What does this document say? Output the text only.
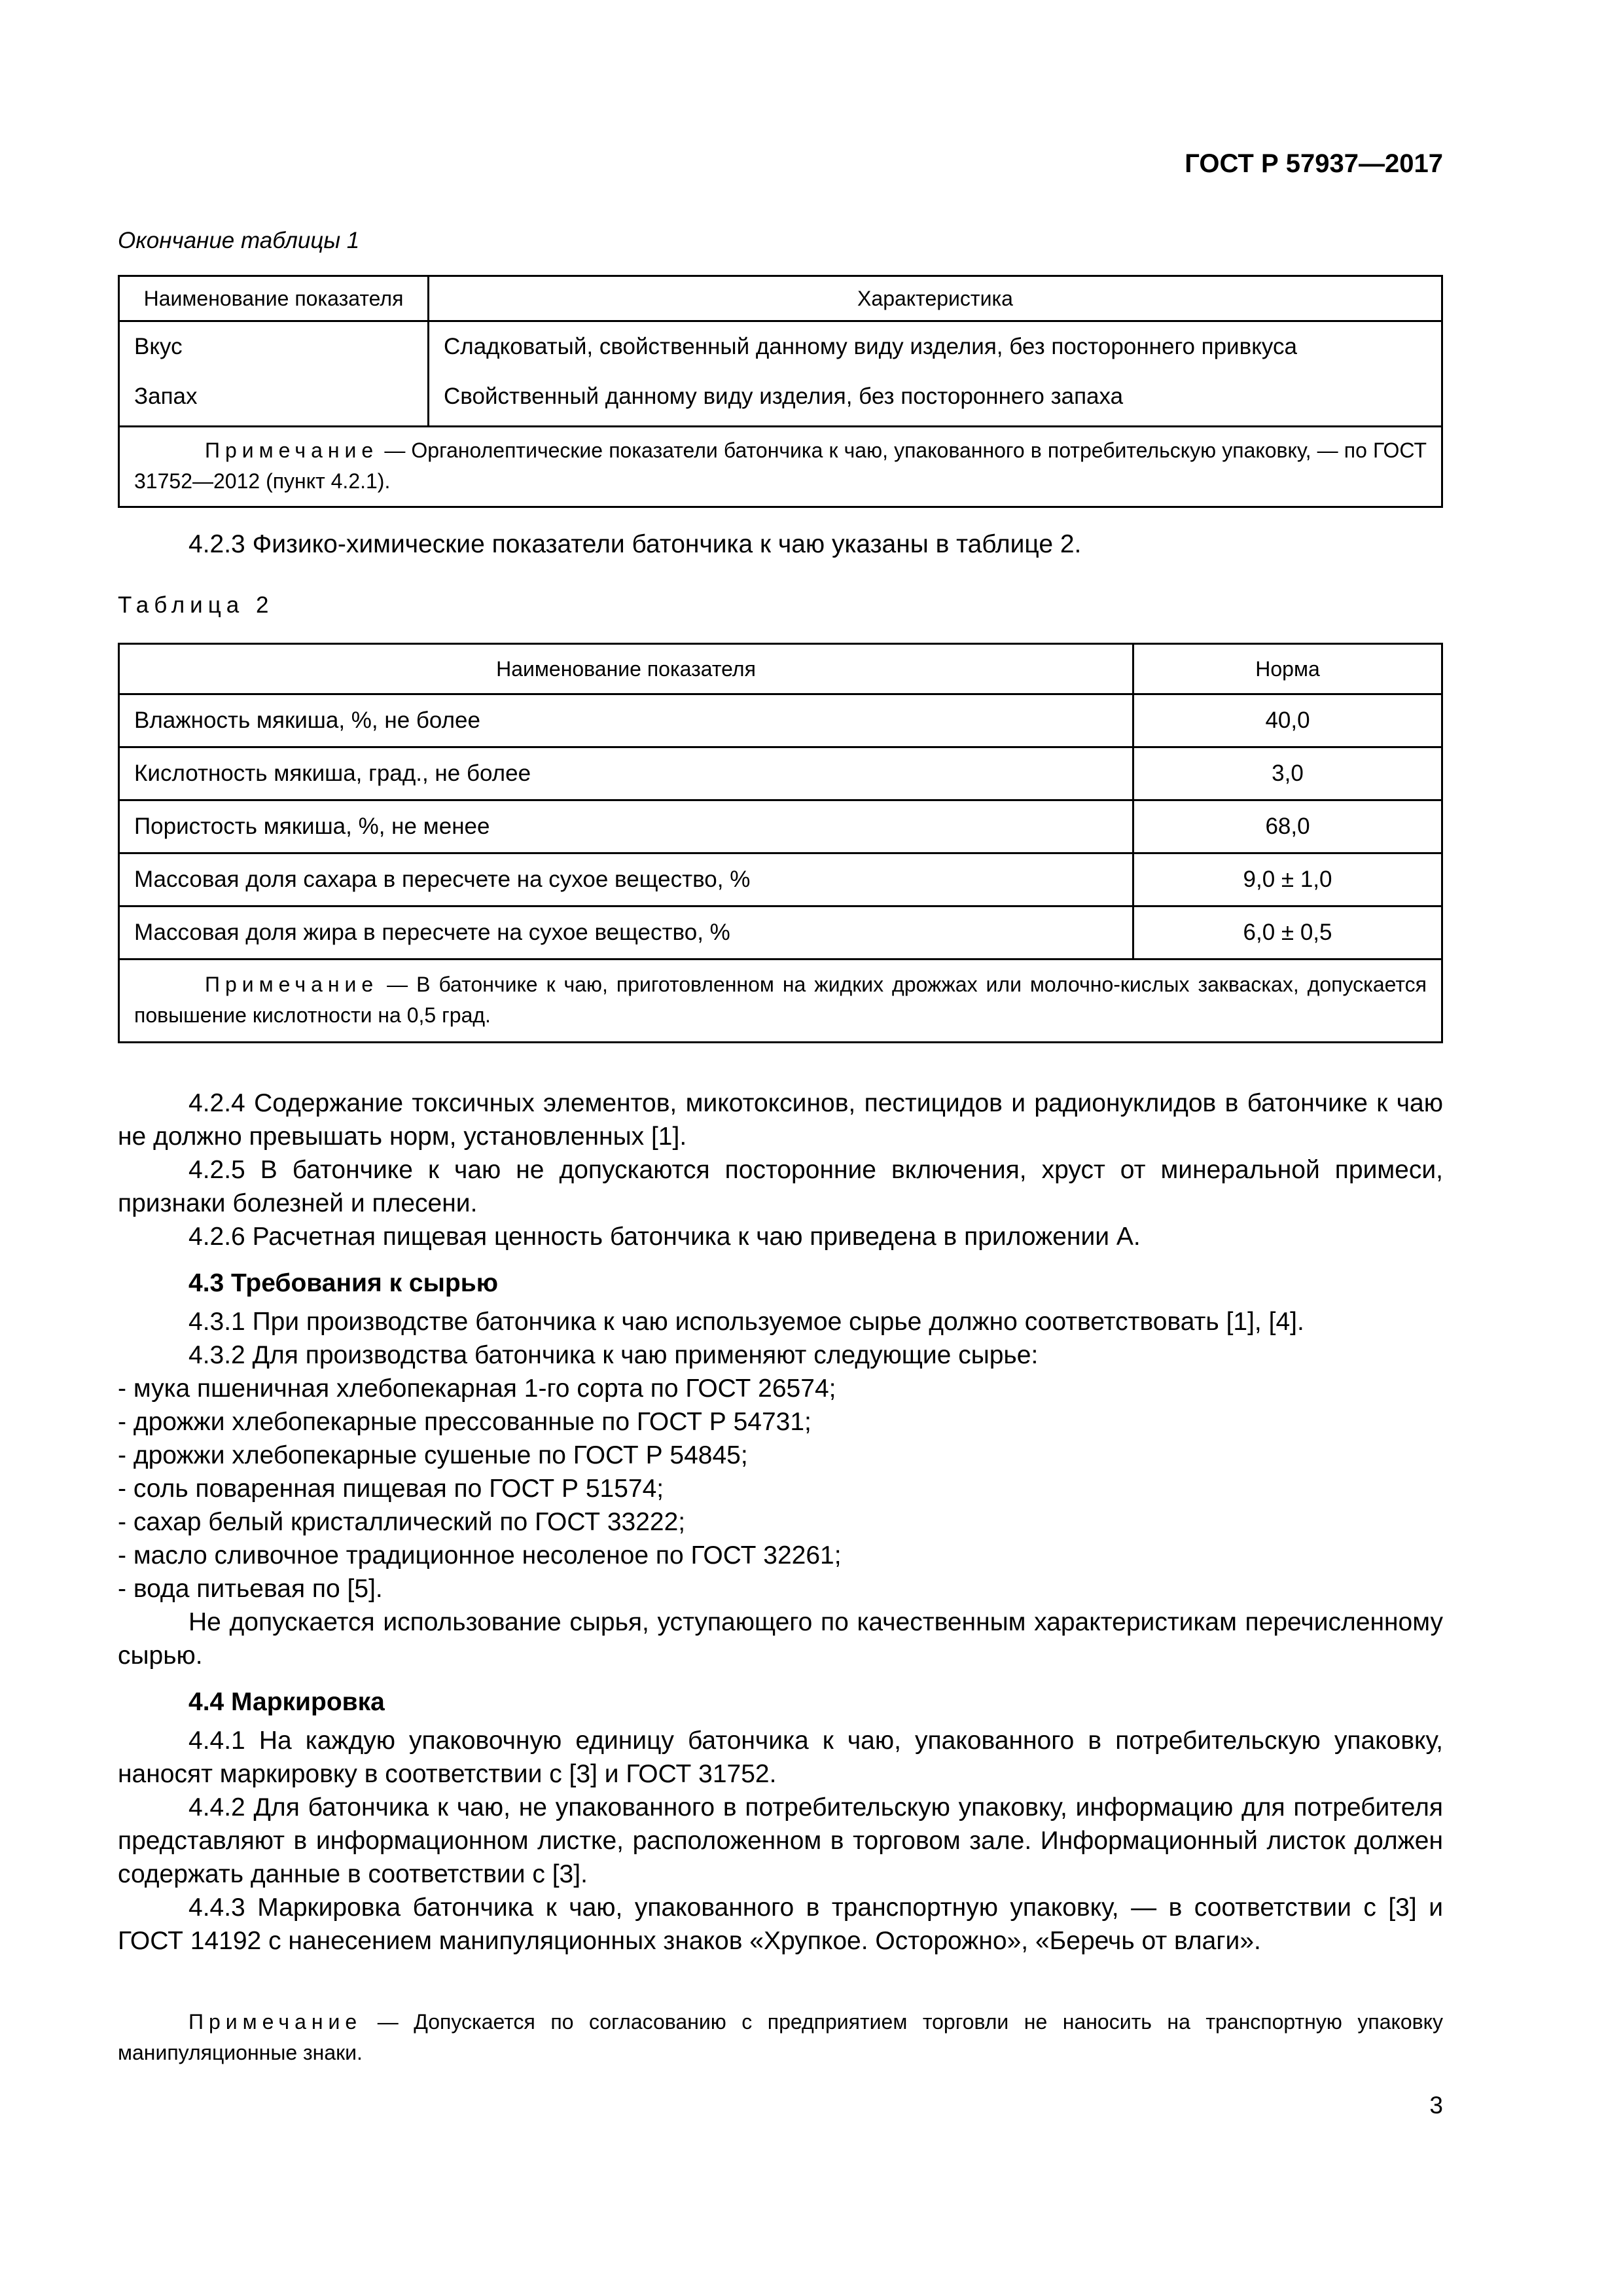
ГОСТ Р 57937—2017
Окончание таблицы 1
Наименование показателя	Характеристика
Вкус	Сладковатый, свойственный данному виду изделия, без постороннего привкуса
Запах	Свойственный данному виду изделия, без постороннего запаха
Примечание — Органолептические показатели батончика к чаю, упакованного в потребительскую упаковку, — по ГОСТ 31752—2012 (пункт 4.2.1).	

4.2.3 Физико-химические показатели батончика к чаю указаны в таблице 2.

Таблица 2
Наименование показателя	Норма
Влажность мякиша, %, не более	40,0
Кислотность мякиша, град., не более	3,0
Пористость мякиша, %, не менее	68,0
Массовая доля сахара в пересчете на сухое вещество, %	9,0 ± 1,0
Массовая доля жира в пересчете на сухое вещество, %	6,0 ± 0,5
Примечание — В батончике к чаю, приготовленном на жидких дрожжах или молочно-кислых заквасках, допускается повышение кислотности на 0,5 град.	

4.2.4 Содержание токсичных элементов, микотоксинов, пестицидов и радионуклидов в батончике к чаю не должно превышать норм, установленных [1].

4.2.5 В батончике к чаю не допускаются посторонние включения, хруст от минеральной примеси, признаки болезней и плесени.

4.2.6 Расчетная пищевая ценность батончика к чаю приведена в приложении А.

4.3 Требования к сырью

4.3.1 При производстве батончика к чаю используемое сырье должно соответствовать [1], [4].

4.3.2 Для производства батончика к чаю применяют следующие сырье:

- мука пшеничная хлебопекарная 1-го сорта по ГОСТ 26574;
- дрожжи хлебопекарные прессованные по ГОСТ Р 54731;
- дрожжи хлебопекарные сушеные по ГОСТ Р 54845;
- соль поваренная пищевая по ГОСТ Р 51574;
- сахар белый кристаллический по ГОСТ 33222;
- масло сливочное традиционное несоленое по ГОСТ 32261;
- вода питьевая по [5].

Не допускается использование сырья, уступающего по качественным характеристикам перечисленному сырью.

4.4 Маркировка

4.4.1 На каждую упаковочную единицу батончика к чаю, упакованного в потребительскую упаковку, наносят маркировку в соответствии с [3] и ГОСТ 31752.

4.4.2 Для батончика к чаю, не упакованного в потребительскую упаковку, информацию для потребителя представляют в информационном листке, расположенном в торговом зале. Информационный листок должен содержать данные в соответствии с [3].

4.4.3 Маркировка батончика к чаю, упакованного в транспортную упаковку, — в соответствии с [3] и ГОСТ 14192 с нанесением манипуляционных знаков «Хрупкое. Осторожно», «Беречь от влаги».

Примечание — Допускается по согласованию с предприятием торговли не наносить на транспортную упаковку манипуляционные знаки.
3
